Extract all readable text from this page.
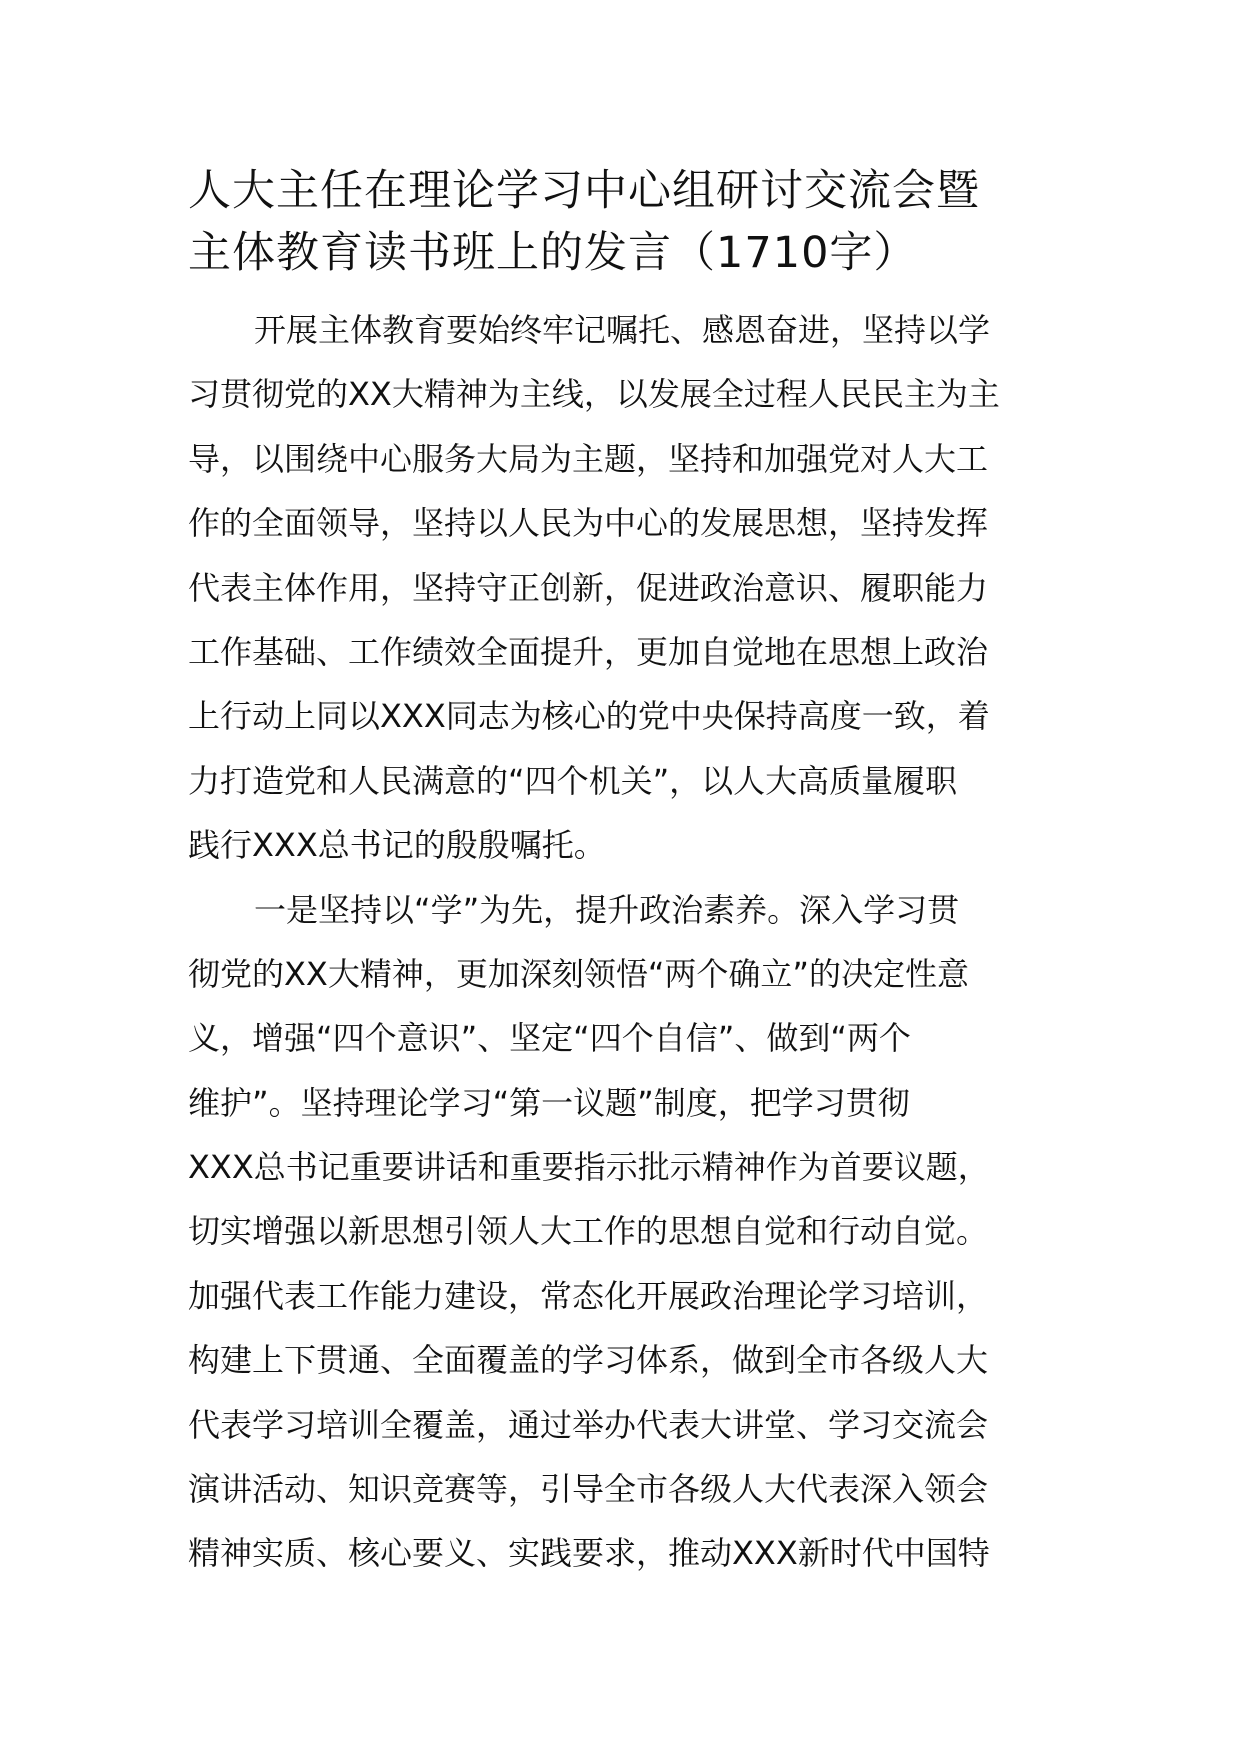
人大主任在理论学习中心组研讨交流会暨
主体教育读书班上的发言（1710字）
开展主体教育要始终牢记嘱托、感恩奋进，坚持以学
习贯彻党的XX大精神为主线，以发展全过程人民民主为主
导，以围绕中心服务大局为主题，坚持和加强党对人大工
作的全面领导，坚持以人民为中心的发展思想，坚持发挥
代表主体作用，坚持守正创新，促进政治意识、履职能力
工作基础、工作绩效全面提升，更加自觉地在思想上政治
上行动上同以XXX同志为核心的党中央保持高度一致，着
力打造党和人民满意的“四个机关”，以人大高质量履职
践行XXX总书记的殷殷嘱托。
一是坚持以“学”为先，提升政治素养。深入学习贯
彻党的XX大精神，更加深刻领悟“两个确立”的决定性意
义，增强“四个意识”、坚定“四个自信”、做到“两个
维护”。坚持理论学习“第一议题”制度，把学习贯彻
XXX总书记重要讲话和重要指示批示精神作为首要议题，
切实增强以新思想引领人大工作的思想自觉和行动自觉。
加强代表工作能力建设，常态化开展政治理论学习培训，
构建上下贯通、全面覆盖的学习体系，做到全市各级人大
代表学习培训全覆盖，通过举办代表大讲堂、学习交流会
演讲活动、知识竞赛等，引导全市各级人大代表深入领会
精神实质、核心要义、实践要求，推动XXX新时代中国特
